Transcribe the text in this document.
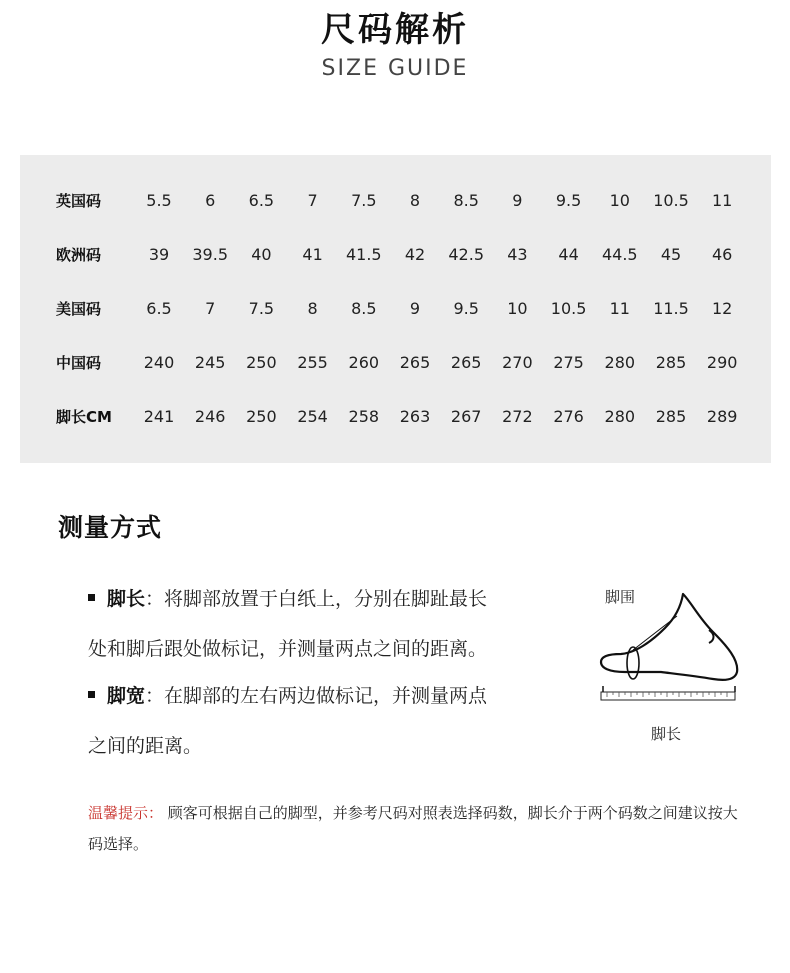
尺码解析
SIZE GUIDE
英国码	5.5	6	6.5	7	7.5	8	8.5	9	9.5	10	10.5	11
欧洲码	39	39.5	40	41	41.5	42	42.5	43	44	44.5	45	46
美国码	6.5	7	7.5	8	8.5	9	9.5	10	10.5	11	11.5	12
中国码	240	245	250	255	260	265	265	270	275	280	285	290
脚长CM	241	246	250	254	258	263	267	272	276	280	285	289
测量方式
脚长：将脚部放置于白纸上，分别在脚趾最长
处和脚后跟处做标记，并测量两点之间的距离。
脚宽：在脚部的左右两边做标记，并测量两点
之间的距离。
脚围
脚长
温馨提示： 顾客可根据自己的脚型，并参考尺码对照表选择码数，脚长介于两个码数之间建议按大码选择。
